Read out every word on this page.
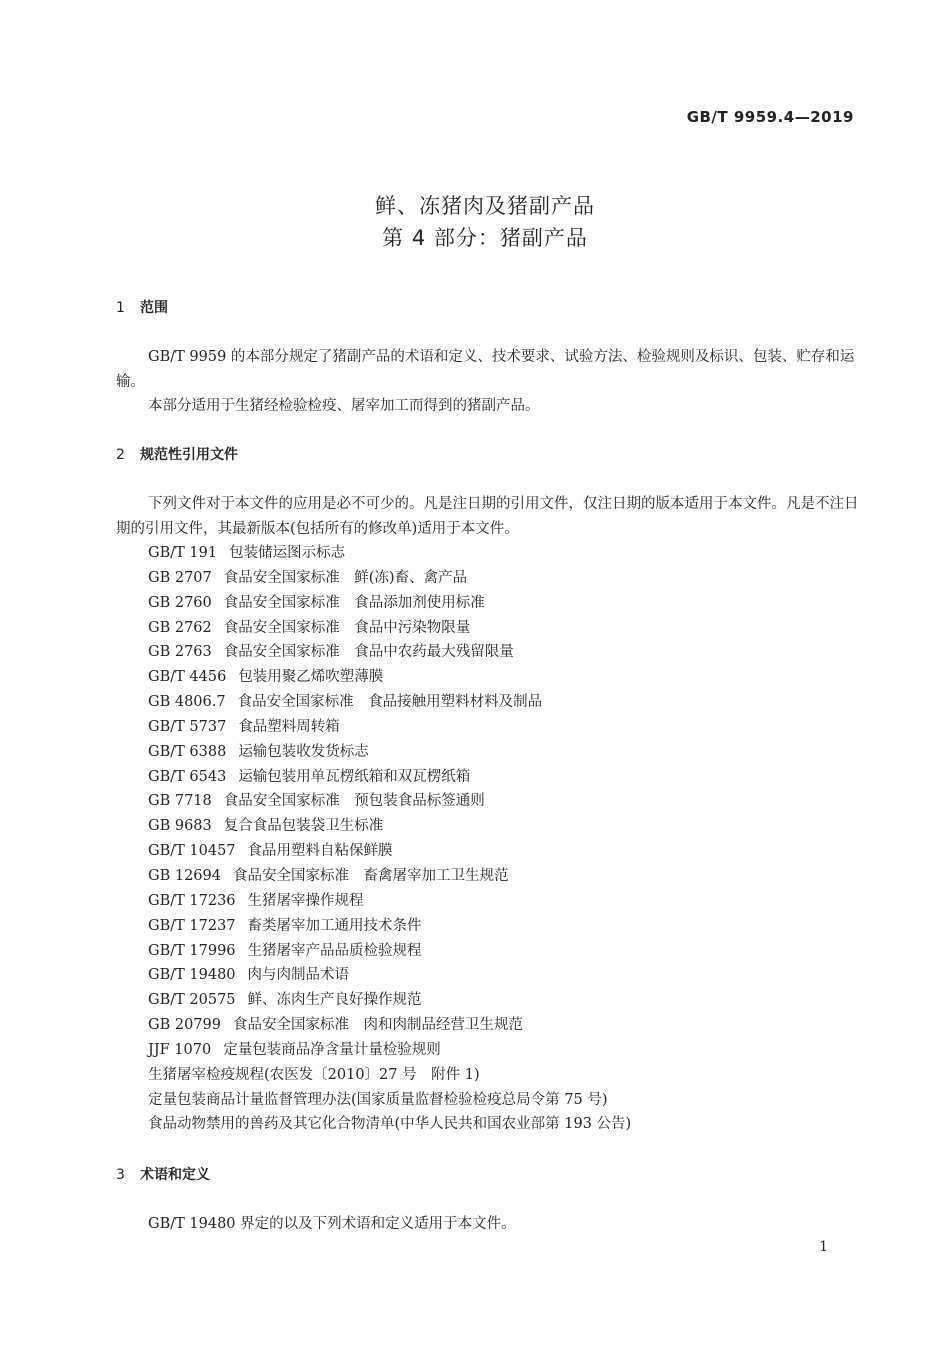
GB/T 9959.4—2019
鲜、冻猪肉及猪副产品
第 4 部分：猪副产品
1 范围
GB/T 9959 的本部分规定了猪副产品的术语和定义、技术要求、试验方法、检验规则及标识、包装、贮存和运输。
本部分适用于生猪经检验检疫、屠宰加工而得到的猪副产品。
2 规范性引用文件
下列文件对于本文件的应用是必不可少的。凡是注日期的引用文件，仅注日期的版本适用于本文件。凡是不注日期的引用文件，其最新版本(包括所有的修改单)适用于本文件。
GB/T 191 包装储运图示标志
GB 2707 食品安全国家标准　鲜(冻)畜、禽产品
GB 2760 食品安全国家标准　食品添加剂使用标准
GB 2762 食品安全国家标准　食品中污染物限量
GB 2763 食品安全国家标准　食品中农药最大残留限量
GB/T 4456 包装用聚乙烯吹塑薄膜
GB 4806.7 食品安全国家标准　食品接触用塑料材料及制品
GB/T 5737 食品塑料周转箱
GB/T 6388 运输包装收发货标志
GB/T 6543 运输包装用单瓦楞纸箱和双瓦楞纸箱
GB 7718 食品安全国家标准　预包装食品标签通则
GB 9683 复合食品包装袋卫生标准
GB/T 10457 食品用塑料自粘保鲜膜
GB 12694 食品安全国家标准　畜禽屠宰加工卫生规范
GB/T 17236 生猪屠宰操作规程
GB/T 17237 畜类屠宰加工通用技术条件
GB/T 17996 生猪屠宰产品品质检验规程
GB/T 19480 肉与肉制品术语
GB/T 20575 鲜、冻肉生产良好操作规范
GB 20799 食品安全国家标准　肉和肉制品经营卫生规范
JJF 1070 定量包装商品净含量计量检验规则
生猪屠宰检疫规程(农医发〔2010〕27 号　附件 1)
定量包装商品计量监督管理办法(国家质量监督检验检疫总局令第 75 号)
食品动物禁用的兽药及其它化合物清单(中华人民共和国农业部第 193 公告)
3 术语和定义
GB/T 19480 界定的以及下列术语和定义适用于本文件。
1
